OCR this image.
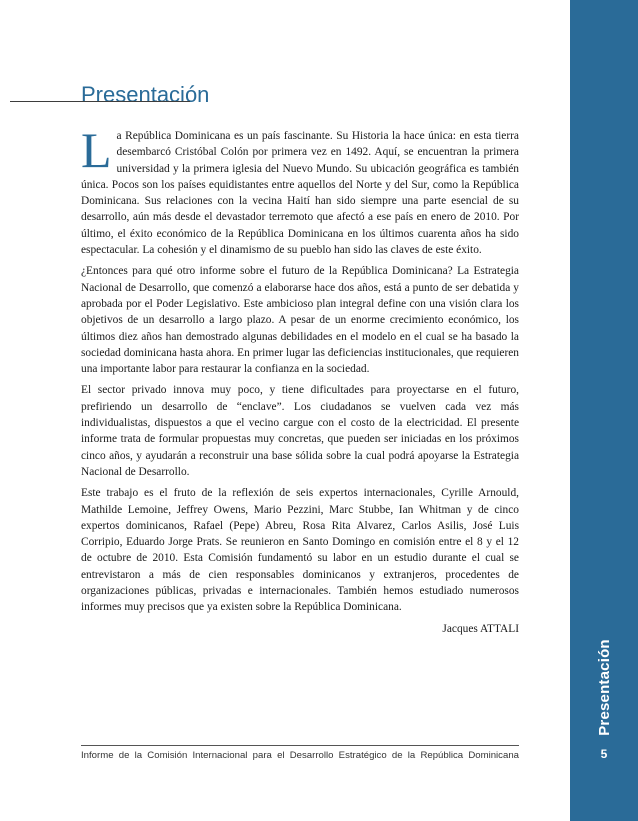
Presentación
5
Presentación

La República Dominicana es un país fascinante. Su Historia la hace única: en esta tierra desembarcó Cristóbal Colón por primera vez en 1492. Aquí, se encuentran la primera universidad y la primera iglesia del Nuevo Mundo. Su ubicación geográfica es también única. Pocos son los países equidistantes entre aquellos del Norte y del Sur, como la República Dominicana. Sus relaciones con la vecina Haití han sido siempre una parte esencial de su desarrollo, aún más desde el devastador terremoto que afectó a ese país en enero de 2010. Por último, el éxito económico de la República Dominicana en los últimos cuarenta años ha sido espectacular. La cohesión y el dinamismo de su pueblo han sido las claves de este éxito.

¿Entonces para qué otro informe sobre el futuro de la República Dominicana? La Estrategia Nacional de Desarrollo, que comenzó a elaborarse hace dos años, está a punto de ser debatida y aprobada por el Poder Legislativo. Este ambicioso plan integral define con una visión clara los objetivos de un desarrollo a largo plazo. A pesar de un enorme crecimiento económico, los últimos diez años han demostrado algunas debilidades en el modelo en el cual se ha basado la sociedad dominicana hasta ahora. En primer lugar las deficiencias institucionales, que requieren una importante labor para restaurar la confianza en la sociedad.

El sector privado innova muy poco, y tiene dificultades para proyectarse en el futuro, prefiriendo un desarrollo de “enclave”. Los ciudadanos se vuelven cada vez más individualistas, dispuestos a que el vecino cargue con el costo de la electricidad. El presente informe trata de formular propuestas muy concretas, que pueden ser iniciadas en los próximos cinco años, y ayudarán a reconstruir una base sólida sobre la cual podrá apoyarse la Estrategia Nacional de Desarrollo.

Este trabajo es el fruto de la reflexión de seis expertos internacionales, Cyrille Arnould, Mathilde Lemoine, Jeffrey Owens, Mario Pezzini, Marc Stubbe, Ian Whitman y de cinco expertos dominicanos, Rafael (Pepe) Abreu, Rosa Rita Alvarez, Carlos Asilis, José Luis Corripio, Eduardo Jorge Prats. Se reunieron en Santo Domingo en comisión entre el 8 y el 12 de octubre de 2010. Esta Comisión fundamentó su labor en un estudio durante el cual se entrevistaron a más de cien responsables dominicanos y extranjeros, procedentes de organizaciones públicas, privadas e internacionales. También hemos estudiado numerosos informes muy precisos que ya existen sobre la República Dominicana.

Jacques ATTALI

Informe de la Comisión Internacional para el Desarrollo Estratégico de la República Dominicana
